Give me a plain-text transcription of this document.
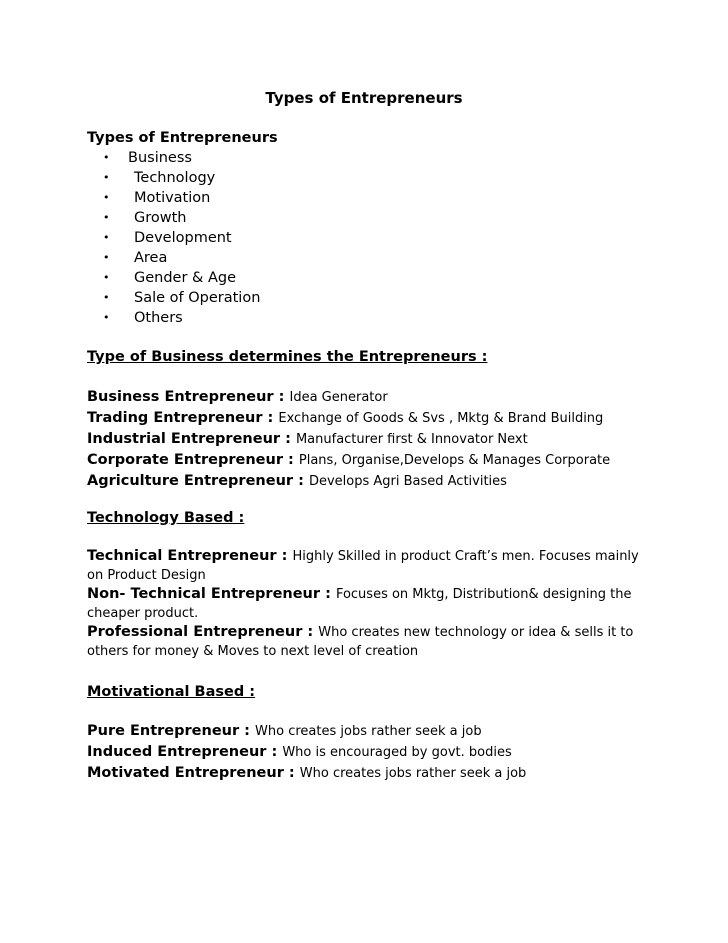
Types of Entrepreneurs
Types of Entrepreneurs
• Business
• Technology
• Motivation
• Growth
• Development
• Area
• Gender & Age
• Sale of Operation
• Others
Type of Business determines the Entrepreneurs :
Business Entrepreneur : Idea Generator
Trading Entrepreneur : Exchange of Goods & Svs , Mktg & Brand Building
Industrial Entrepreneur : Manufacturer first & Innovator Next
Corporate Entrepreneur : Plans, Organise,Develops & Manages Corporate
Agriculture Entrepreneur : Develops Agri Based Activities
Technology Based :
Technical Entrepreneur : Highly Skilled in product Craft’s men. Focuses mainly on Product Design
Non- Technical Entrepreneur : Focuses on Mktg, Distribution& designing the cheaper product.
Professional Entrepreneur : Who creates new technology or idea & sells it to others for money & Moves to next level of creation
Motivational Based :
Pure Entrepreneur : Who creates jobs rather seek a job
Induced Entrepreneur : Who is encouraged by govt. bodies
Motivated Entrepreneur : Who creates jobs rather seek a job
